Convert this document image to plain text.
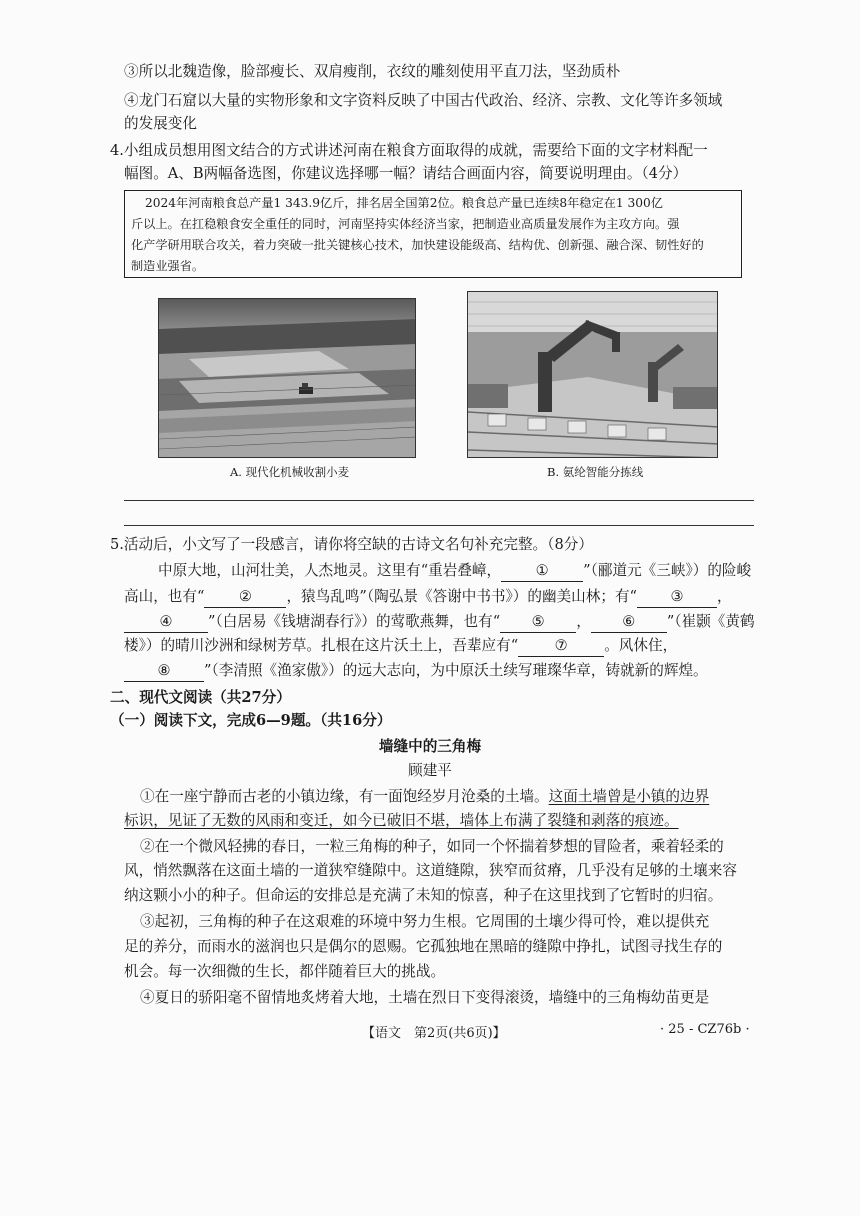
③所以北魏造像，脸部瘦长、双肩瘦削，衣纹的雕刻使用平直刀法，坚劲质朴
④龙门石窟以大量的实物形象和文字资料反映了中国古代政治、经济、宗教、文化等许多领域
的发展变化
4.小组成员想用图文结合的方式讲述河南在粮食方面取得的成就，需要给下面的文字材料配一
幅图。A、B两幅备选图，你建议选择哪一幅？请结合画面内容，简要说明理由。（4分）
2024年河南粮食总产量1 343.9亿斤，排名居全国第2位。粮食总产量已连续8年稳定在1 300亿
斤以上。在扛稳粮食安全重任的同时，河南坚持实体经济当家，把制造业高质量发展作为主攻方向。强
化产学研用联合攻关，着力突破一批关键核心技术，加快建设能级高、结构优、创新强、融合深、韧性好的
制造业强省。
A. 现代化机械收割小麦	B. 氨纶智能分拣线
5.活动后，小文写了一段感言，请你将空缺的古诗文名句补充完整。（8分）
中原大地，山河壮美，人杰地灵。这里有“重岩叠嶂， ① ”（郦道元《三峡》）的险峻
高山，也有“ ② ，猿鸟乱鸣”（陶弘景《答谢中书书》）的幽美山林；有“ ③ ，
④ ”（白居易《钱塘湖春行》）的莺歌燕舞，也有“ ⑤ ， ⑥ ”（崔颢《黄鹤
楼》）的晴川沙洲和绿树芳草。扎根在这片沃土上，吾辈应有“ ⑦ 。风休住，
⑧ ”（李清照《渔家傲》）的远大志向，为中原沃土续写璀璨华章，铸就新的辉煌。
二、现代文阅读（共27分）
（一）阅读下文，完成6—9题。（共16分）
墙缝中的三角梅
顾建平
①在一座宁静而古老的小镇边缘，有一面饱经岁月沧桑的土墙。这面土墙曾是小镇的边界
标识，见证了无数的风雨和变迁，如今已破旧不堪，墙体上布满了裂缝和剥落的痕迹。
②在一个微风轻拂的春日，一粒三角梅的种子，如同一个怀揣着梦想的冒险者，乘着轻柔的
风，悄然飘落在这面土墙的一道狭窄缝隙中。这道缝隙，狭窄而贫瘠，几乎没有足够的土壤来容
纳这颗小小的种子。但命运的安排总是充满了未知的惊喜，种子在这里找到了它暂时的归宿。
③起初，三角梅的种子在这艰难的环境中努力生根。它周围的土壤少得可怜，难以提供充
足的养分，而雨水的滋润也只是偶尔的恩赐。它孤独地在黑暗的缝隙中挣扎，试图寻找生存的
机会。每一次细微的生长，都伴随着巨大的挑战。
④夏日的骄阳毫不留情地炙烤着大地，土墙在烈日下变得滚烫，墙缝中的三角梅幼苗更是
【语文　第2页(共6页)】	· 25 - CZ76b ·
